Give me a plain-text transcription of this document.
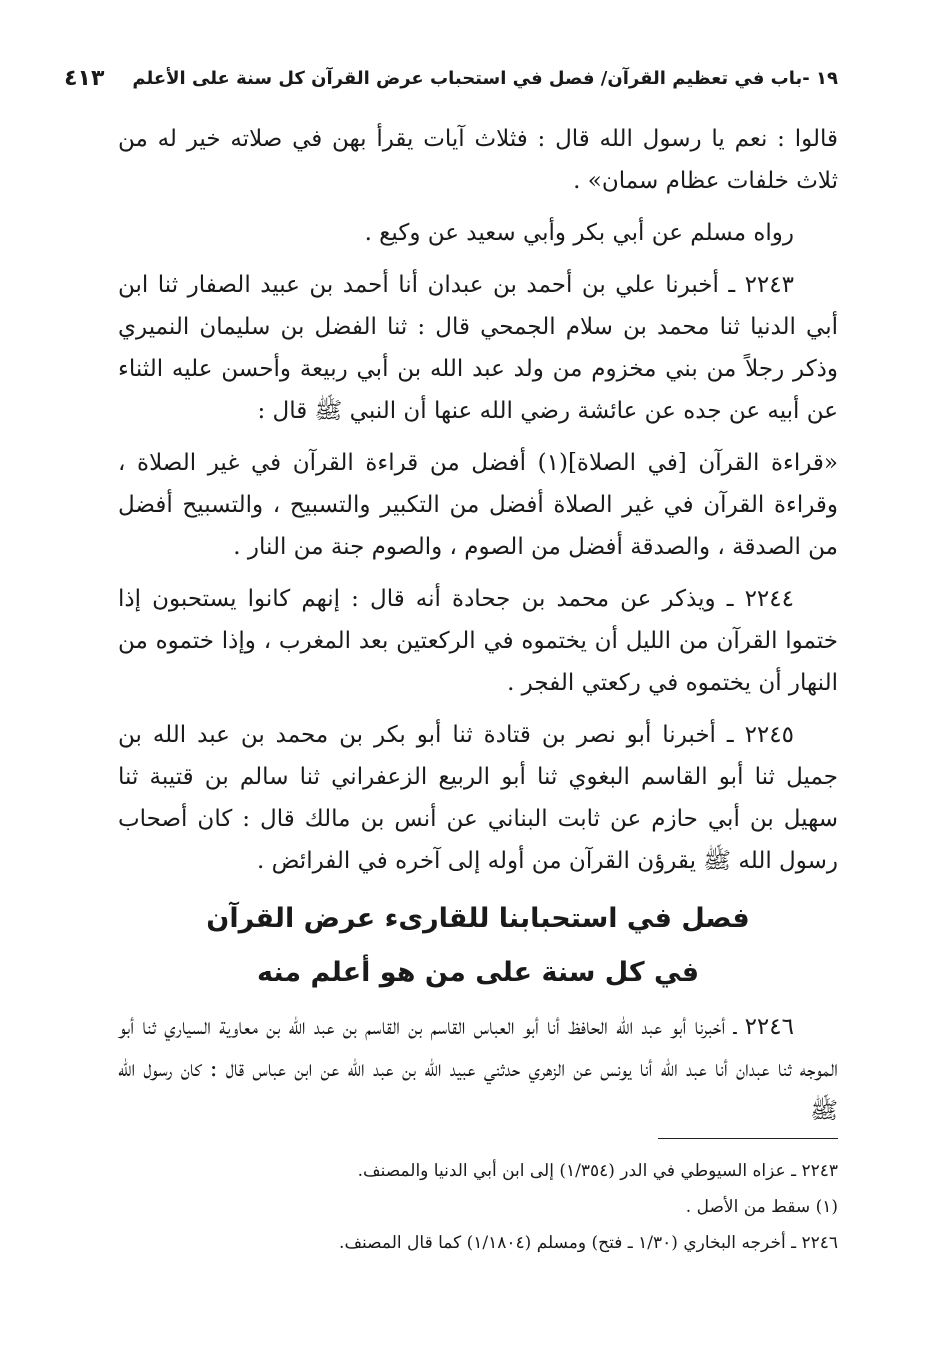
١٩ -باب في تعظيم القرآن/ فصل في استحباب عرض القرآن كل سنة على الأعلم
٤١٣

قالوا : نعم يا رسول الله قال : فثلاث آيات يقرأ بهن في صلاته خير له من ثلاث خلفات عظام سمان» .

رواه مسلم عن أبي بكر وأبي سعيد عن وكيع .

٢٢٤٣ ـ أخبرنا علي بن أحمد بن عبدان أنا أحمد بن عبيد الصفار ثنا ابن أبي الدنيا ثنا محمد بن سلام الجمحي قال : ثنا الفضل بن سليمان النميري وذكر رجلاً من بني مخزوم من ولد عبد الله بن أبي ربيعة وأحسن عليه الثناء عن أبيه عن جده عن عائشة رضي الله عنها أن النبي ﷺ قال :

«قراءة القرآن [في الصلاة](١) أفضل من قراءة القرآن في غير الصلاة ، وقراءة القرآن في غير الصلاة أفضل من التكبير والتسبيح ، والتسبيح أفضل من الصدقة ، والصدقة أفضل من الصوم ، والصوم جنة من النار .

٢٢٤٤ ـ ويذكر عن محمد بن جحادة أنه قال : إنهم كانوا يستحبون إذا ختموا القرآن من الليل أن يختموه في الركعتين بعد المغرب ، وإذا ختموه من النهار أن يختموه في ركعتي الفجر .

٢٢٤٥ ـ أخبرنا أبو نصر بن قتادة ثنا أبو بكر بن محمد بن عبد الله بن جميل ثنا أبو القاسم البغوي ثنا أبو الربيع الزعفراني ثنا سالم بن قتيبة ثنا سهيل بن أبي حازم عن ثابت البناني عن أنس بن مالك قال : كان أصحاب رسول الله ﷺ يقرؤن القرآن من أوله إلى آخره في الفرائض .

فصل في استحبابنا للقارىء عرض القرآن
في كل سنة على من هو أعلم منه

٢٢٤٦ ـ أخبرنا أبو عبد الله الحافظ أنا أبو العباس القاسم بن القاسم بن عبد الله بن معاوية السياري ثنا أبو الموجه ثنا عبدان أنا عبد الله أنا يونس عن الزهري حدثني عبيد الله بن عبد الله عن ابن عباس قال : كان رسول الله ﷺ

٢٢٤٣ ـ عزاه السيوطي في الدر (١/٣٥٤) إلى ابن أبي الدنيا والمصنف.

(١) سقط من الأصل .

٢٢٤٦ ـ أخرجه البخاري (١/٣٠ ـ فتح) ومسلم (١/١٨٠٤) كما قال المصنف.
